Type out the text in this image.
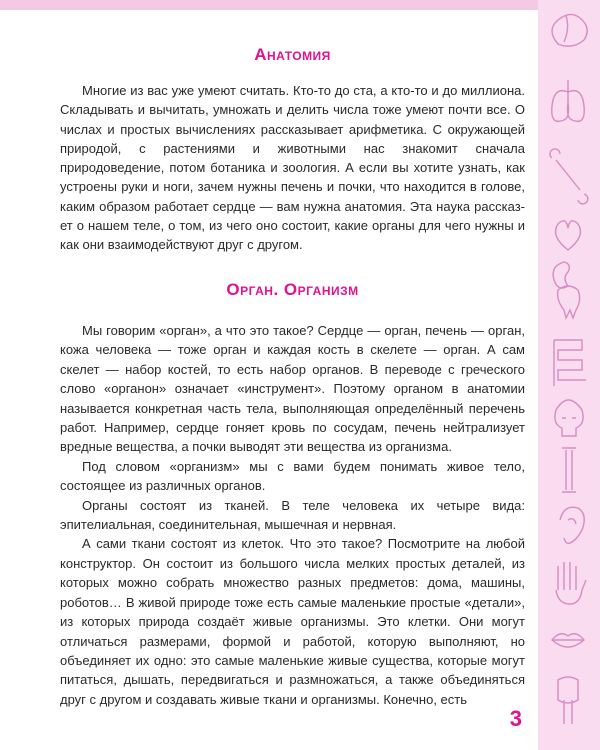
Анатомия

Многие из вас уже умеют считать. Кто-то до ста, а кто-то и до миллиона. Складывать и вычитать, умножать и делить числа тоже умеют почти все. О числах и простых вычислениях рассказывает арифметика. С окружающей природой, с растениями и животными нас знакомит сначала природоведение, потом ботаника и зоология. А если вы хотите узнать, как устроены руки и ноги, зачем нужны печень и почки, что находится в голове, каким образом работает сердце — вам нужна анатомия. Эта наука рассказет о нашем теле, о том, из чего оно состоит, какие органы для чего нужны и как они взаимодействуют друг с другом.

Орган. Организм

Мы говорим «орган», а что это такое? Сердце — орган, печень — орган, кожа человека — тоже орган и каждая кость в скелете — орган. А сам скелет — набор костей, то есть набор органов. В переводе с греческого слово «органон» означает «инструмент». Поэтому органом в анатомии называется конкретная часть тела, выполняющая определённый перечень работ. Например, сердце гоняет кровь по сосудам, печень нейтрализует вредные вещества, а почки выводят эти вещества из организма.

Под словом «организм» мы с вами будем понимать живое тело, состоящее из различных органов.

Органы состоят из тканей. В теле человека их четыре вида: эпителиальная, соединительная, мышечная и нервная.

А сами ткани состоят из клеток. Что это такое? Посмотрите на любой конструктор. Он состоит из большого числа мелких простых деталей, из которых можно собрать множество разных предметов: дома, машины, роботов… В живой природе тоже есть самые маленькие простые «детали», из которых природа создаёт живые организмы. Это клетки. Они могут отличаться размерами, формой и работой, которую выполняют, но объединяет их одно: это самые маленькие живые существа, которые могут питаться, дышать, передвигаться и размножаться, а также объединяться друг с другом и создавать живые ткани и организмы. Конечно, есть

3
